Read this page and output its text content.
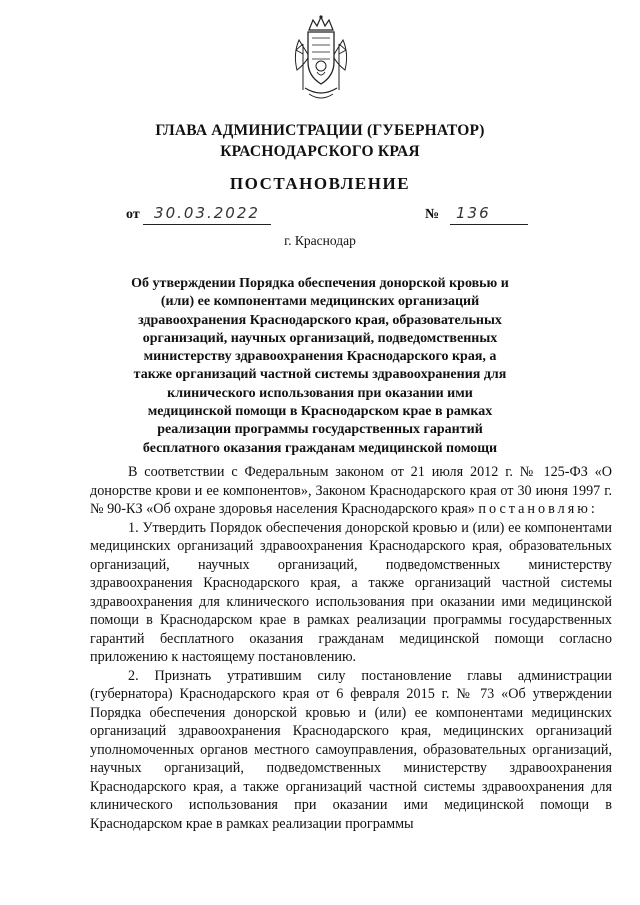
ГЛАВА АДМИНИСТРАЦИИ (ГУБЕРНАТОР)
КРАСНОДАРСКОГО КРАЯ
ПОСТАНОВЛЕНИЕ
от 30.03.2022	№	136
г. Краснодар
Об утверждении Порядка обеспечения донорской кровью и (или) ее компонентами медицинских организаций здравоохранения Краснодарского края, образовательных организаций, научных организаций, подведомственных министерству здравоохранения Краснодарского края, а также организаций частной системы здравоохранения для клинического использования при оказании ими медицинской помощи в Краснодарском крае в рамках реализации программы государственных гарантий бесплатного оказания гражданам медицинской помощи

В соответствии с Федеральным законом от 21 июля 2012 г. № 125-ФЗ «О донорстве крови и ее компонентов», Законом Краснодарского края от 30 июня 1997 г. № 90-КЗ «Об охране здоровья населения Краснодарского края» постановляю:

1. Утвердить Порядок обеспечения донорской кровью и (или) ее компонентами медицинских организаций здравоохранения Краснодарского края, образовательных организаций, научных организаций, подведомственных министерству здравоохранения Краснодарского края, а также организаций частной системы здравоохранения для клинического использования при оказании ими медицинской помощи в Краснодарском крае в рамках реализации программы государственных гарантий бесплатного оказания гражданам медицинской помощи согласно приложению к настоящему постановлению.

2. Признать утратившим силу постановление главы администрации (губернатора) Краснодарского края от 6 февраля 2015 г. № 73 «Об утверждении Порядка обеспечения донорской кровью и (или) ее компонентами медицинских организаций здравоохранения Краснодарского края, медицинских организаций уполномоченных органов местного самоуправления, образовательных организаций, научных организаций, подведомственных министерству здравоохранения Краснодарского края, а также организаций частной системы здравоохранения для клинического использования при оказании ими медицинской помощи в Краснодарском крае в рамках реализации программы
